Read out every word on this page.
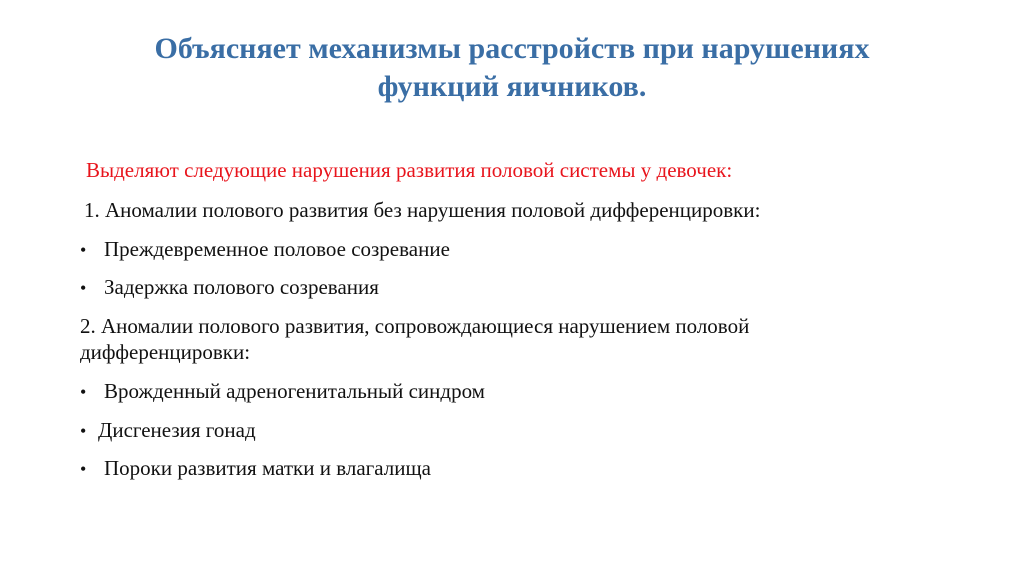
Объясняет механизмы расстройств при нарушениях
функций яичников.
Выделяют следующие нарушения развития половой системы у девочек:
1. Аномалии полового развития без нарушения половой дифференцировки:
• Преждевременное половое созревание
• Задержка полового созревания
2. Аномалии полового развития, сопровождающиеся нарушением половой
дифференцировки:
• Врожденный адреногенитальный синдром
• Дисгенезия гонад
• Пороки развития матки и влагалища
